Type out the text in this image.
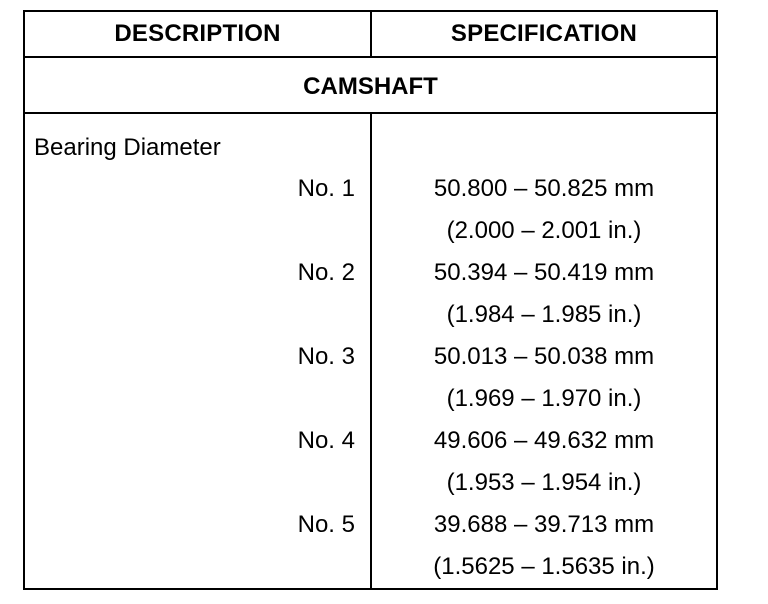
DESCRIPTION	SPECIFICATION
CAMSHAFT
Bearing Diameter
No. 1	50.800 – 50.825 mm
(2.000 – 2.001 in.)
No. 2	50.394 – 50.419 mm
(1.984 – 1.985 in.)
No. 3	50.013 – 50.038 mm
(1.969 – 1.970 in.)
No. 4	49.606 – 49.632 mm
(1.953 – 1.954 in.)
No. 5	39.688 – 39.713 mm
(1.5625 – 1.5635 in.)
